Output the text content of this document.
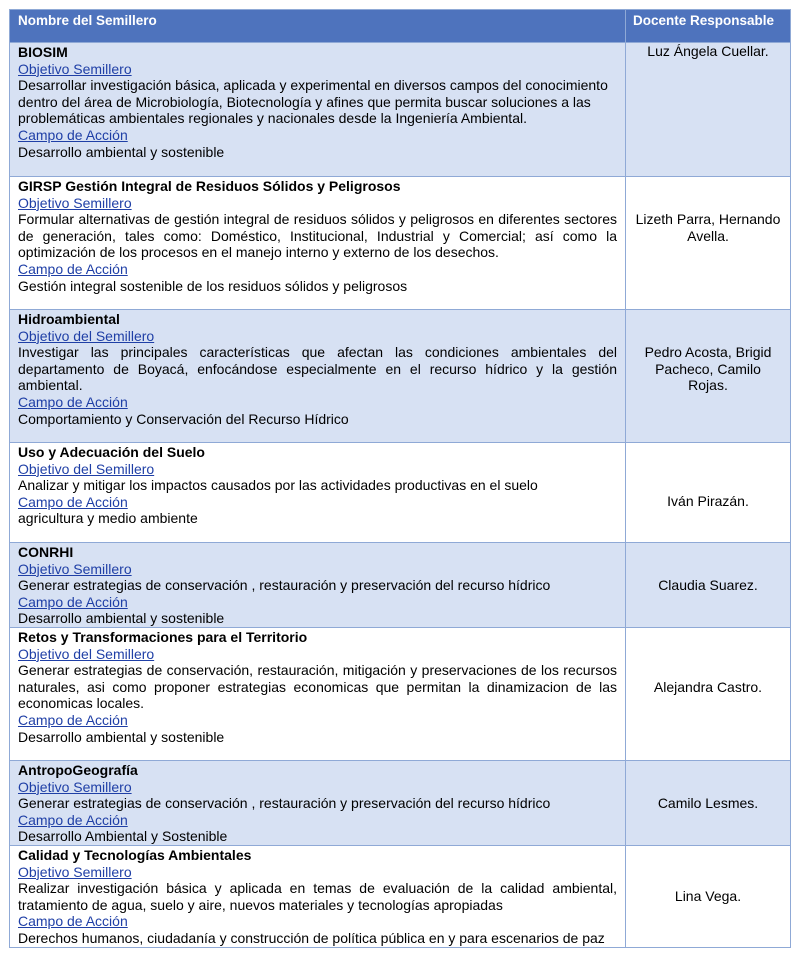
Nombre del Semillero	Docente Responsable

BIOSIM
Objetivo Semillero
Desarrollar investigación básica, aplicada y experimental en diversos campos del conocimiento dentro del área de Microbiología, Biotecnología y afines que permita buscar soluciones a las problemáticas ambientales regionales y nacionales desde la Ingeniería Ambiental.
Campo de Acción
Desarrollo ambiental y sostenible	Luz Ángela Cuellar.

GIRSP Gestión Integral de Residuos Sólidos y Peligrosos
Objetivo Semillero
Formular alternativas de gestión integral de residuos sólidos y peligrosos en diferentes sectores de generación, tales como: Doméstico, Institucional, Industrial y Comercial; así como la optimización de los procesos en el manejo interno y externo de los desechos.
Campo de Acción
Gestión integral sostenible de los residuos sólidos y peligrosos	Lizeth Parra, Hernando Avella.

Hidroambiental
Objetivo del Semillero
Investigar las principales características que afectan las condiciones ambientales del departamento de Boyacá, enfocándose especialmente en el recurso hídrico y la gestión ambiental.
Campo de Acción
Comportamiento y Conservación del Recurso Hídrico	Pedro Acosta, Brigid Pacheco, Camilo Rojas.

Uso y Adecuación del Suelo
Objetivo del Semillero
Analizar y mitigar los impactos causados por las actividades productivas en el suelo
Campo de Acción
agricultura y medio ambiente	Iván Pirazán.

CONRHI
Objetivo Semillero
Generar estrategias de conservación , restauración y preservación del recurso hídrico
Campo de Acción
Desarrollo ambiental y sostenible	Claudia Suarez.

Retos y Transformaciones para el Territorio
Objetivo del Semillero
Generar estrategias de conservación, restauración, mitigación y preservaciones de los recursos naturales, asi como proponer estrategias economicas que permitan la dinamizacion de las economicas locales.
Campo de Acción
Desarrollo ambiental y sostenible	Alejandra Castro.

AntropoGeografía
Objetivo Semillero
Generar estrategias de conservación , restauración y preservación del recurso hídrico
Campo de Acción
Desarrollo Ambiental y Sostenible	Camilo Lesmes.

Calidad y Tecnologías Ambientales
Objetivo Semillero
Realizar investigación básica y aplicada en temas de evaluación de la calidad ambiental, tratamiento de agua, suelo y aire, nuevos materiales y tecnologías apropiadas
Campo de Acción
Derechos humanos, ciudadanía y construcción de política pública en y para escenarios de paz	Lina Vega.
